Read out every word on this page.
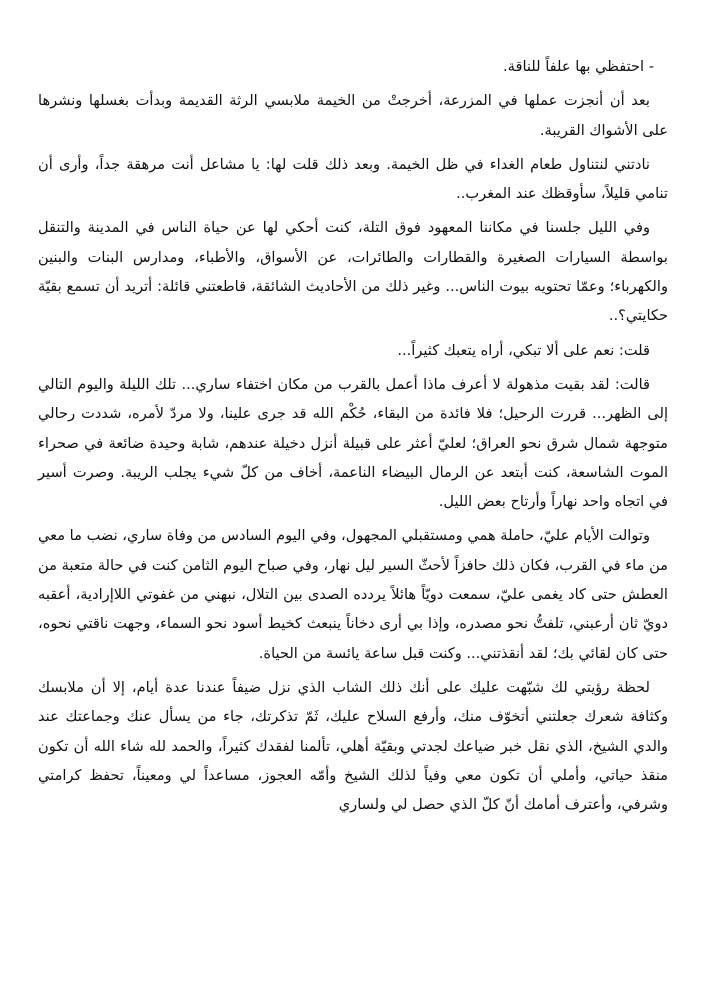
- احتفظي بها علفاً للناقة.

بعد أن أنجزت عملها في المزرعة، أخرجتْ من الخيمة ملابسي الرثة القديمة وبدأت بغسلها ونشرها على الأشواك القريبة.

نادتني لنتناول طعام الغداء في ظل الخيمة. وبعد ذلك قلت لها: يا مشاعل أنت مرهقة جداً، وأرى أن تنامي قليلاً، سأوقظك عند المغرب..

وفي الليل جلسنا في مكاننا المعهود فوق التلة، كنت أحكي لها عن حياة الناس في المدينة والتنقل بواسطة السيارات الصغيرة والقطارات والطائرات، عن الأسواق، والأطباء، ومدارس البنات والبنين والكهرباء؛ وعمّا تحتويه بيوت الناس... وغير ذلك من الأحاديث الشائقة، قاطعتني قائلة: أتريد أن تسمع بقيّة حكايتي؟..

قلت: نعم على ألا تبكي، أراه يتعبك كثيراً...

قالت: لقد بقيت مذهولة لا أعرف ماذا أعمل بالقرب من مكان اختفاء ساري... تلك الليلة واليوم التالي إلى الظهر... قررت الرحيل؛ فلا فائدة من البقاء، حُكْم الله قد جرى علينا، ولا مردّ لأمره، شددت رحالي متوجهة شمال شرق نحو العراق؛ لعليّ أعثر على قبيلة أنزل دخيلة عندهم، شابة وحيدة ضائعة في صحراء الموت الشاسعة، كنت أبتعد عن الرمال البيضاء الناعمة، أخاف من كلّ شيء يجلب الريبة. وصرت أسير في اتجاه واحد نهاراً وأرتاح بعض الليل.

وتوالت الأيام عليّ، حاملة همي ومستقبلي المجهول، وفي اليوم السادس من وفاة ساري، نضب ما معي من ماء في القرب، فكان ذلك حافزاً لأحثّ السير ليل نهار، وفي صباح اليوم الثامن كنت في حالة متعبة من العطش حتى كاد يغمى عليّ، سمعت دويّاً هائلاً يردده الصدى بين التلال، نبهني من غفوتي اللاإرادية، أعقبه دويّ ثان أرعبني، تلفتُّ نحو مصدره، وإذا بي أرى دخاناً ينبعث كخيط أسود نحو السماء، وجهت ناقتي نحوه، حتى كان لقائي بك؛ لقد أنقذتني... وكنت قبل ساعة يائسة من الحياة.

لحظة رؤيتي لك شبّهت عليك على أنك ذلك الشاب الذي نزل ضيفاً عندنا عدة أيام، إلا أن ملابسك وكثافة شعرك جعلتني أتخوّف منك، وأرفع السلاح عليك، ثَمّ تذكرتك، جاء من يسأل عنك وجماعتك عند والدي الشيخ، الذي نقل خبر ضياعك لجدتي وبقيّة أهلي، تألمنا لفقدك كثيراً، والحمد لله شاء الله أن تكون منقذ حياتي، وأملي أن تكون معي وفياً لذلك الشيخ وأمّه العجوز، مساعداً لي ومعيناً، تحفظ كرامتي وشرفي، وأعترف أمامك أنّ كلّ الذي حصل لي ولساري
